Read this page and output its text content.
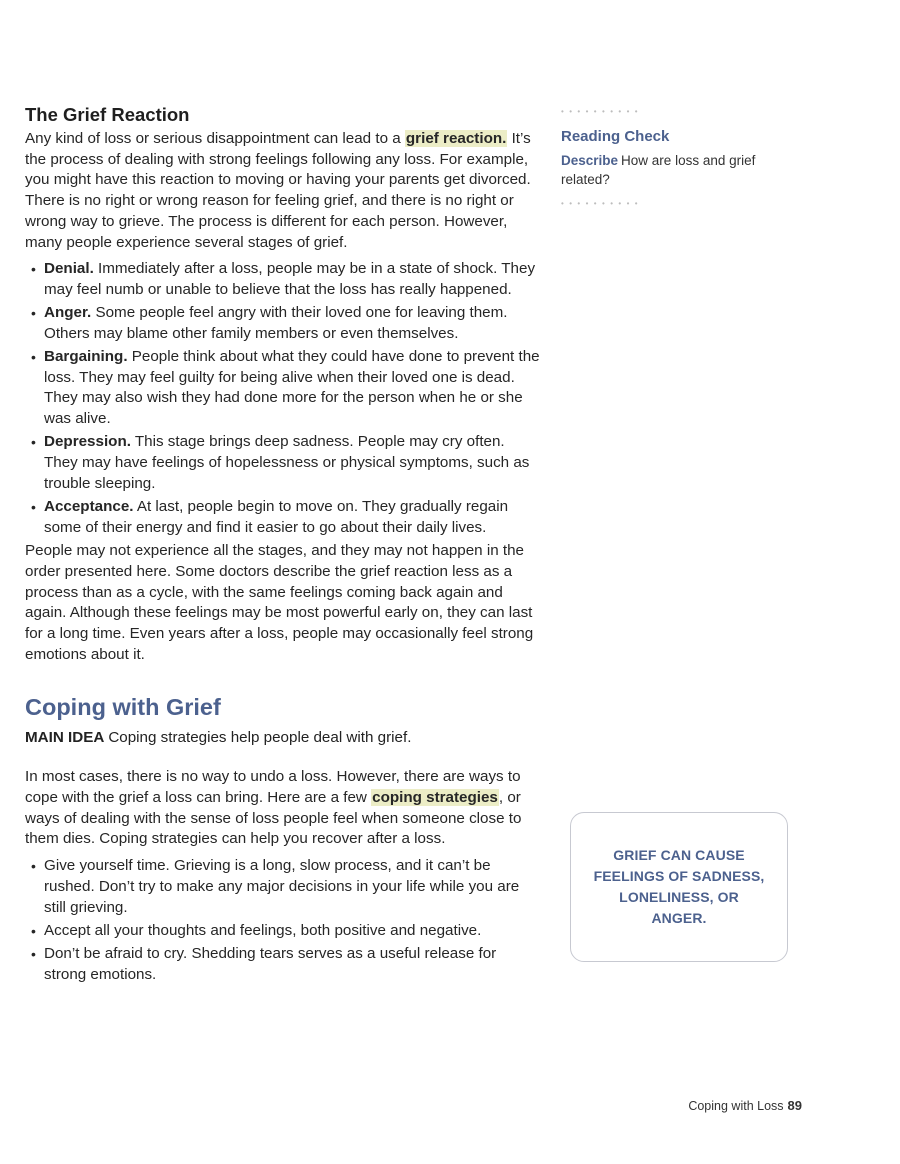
The Grief Reaction

Any kind of loss or serious disappointment can lead to a grief reaction. It’s the process of dealing with strong feelings following any loss. For example, you might have this reaction to moving or having your parents get divorced. There is no right or wrong reason for feeling grief, and there is no right or wrong way to grieve. The process is different for each person. However, many people experience several stages of grief.

• Denial. Immediately after a loss, people may be in a state of shock. They may feel numb or unable to believe that the loss has really happened.
• Anger. Some people feel angry with their loved one for leaving them. Others may blame other family members or even themselves.
• Bargaining. People think about what they could have done to prevent the loss. They may feel guilty for being alive when their loved one is dead. They may also wish they had done more for the person when he or she was alive.
• Depression. This stage brings deep sadness. People may cry often. They may have feelings of hopelessness or physical symptoms, such as trouble sleeping.
• Acceptance. At last, people begin to move on. They gradually regain some of their energy and find it easier to go about their daily lives.

People may not experience all the stages, and they may not happen in the order presented here. Some doctors describe the grief reaction less as a process than as a cycle, with the same feelings coming back again and again. Although these feelings may be most powerful early on, they can last for a long time. Even years after a loss, people may occasionally feel strong emotions about it.

Coping with Grief

MAIN IDEA Coping strategies help people deal with grief.

In most cases, there is no way to undo a loss. However, there are ways to cope with the grief a loss can bring. Here are a few coping strategies, or ways of dealing with the sense of loss people feel when someone close to them dies. Coping strategies can help you recover after a loss.

• Give yourself time. Grieving is a long, slow process, and it can’t be rushed. Don’t try to make any major decisions in your life while you are still grieving.
• Accept all your thoughts and feelings, both positive and negative.
• Don’t be afraid to cry. Shedding tears serves as a useful release for strong emotions.
••••••••••
Reading Check

Describe How are loss and grief related?

••••••••••
GRIEF CAN CAUSE FEELINGS OF SADNESS, LONELINESS, OR ANGER.
Coping with Loss 89
